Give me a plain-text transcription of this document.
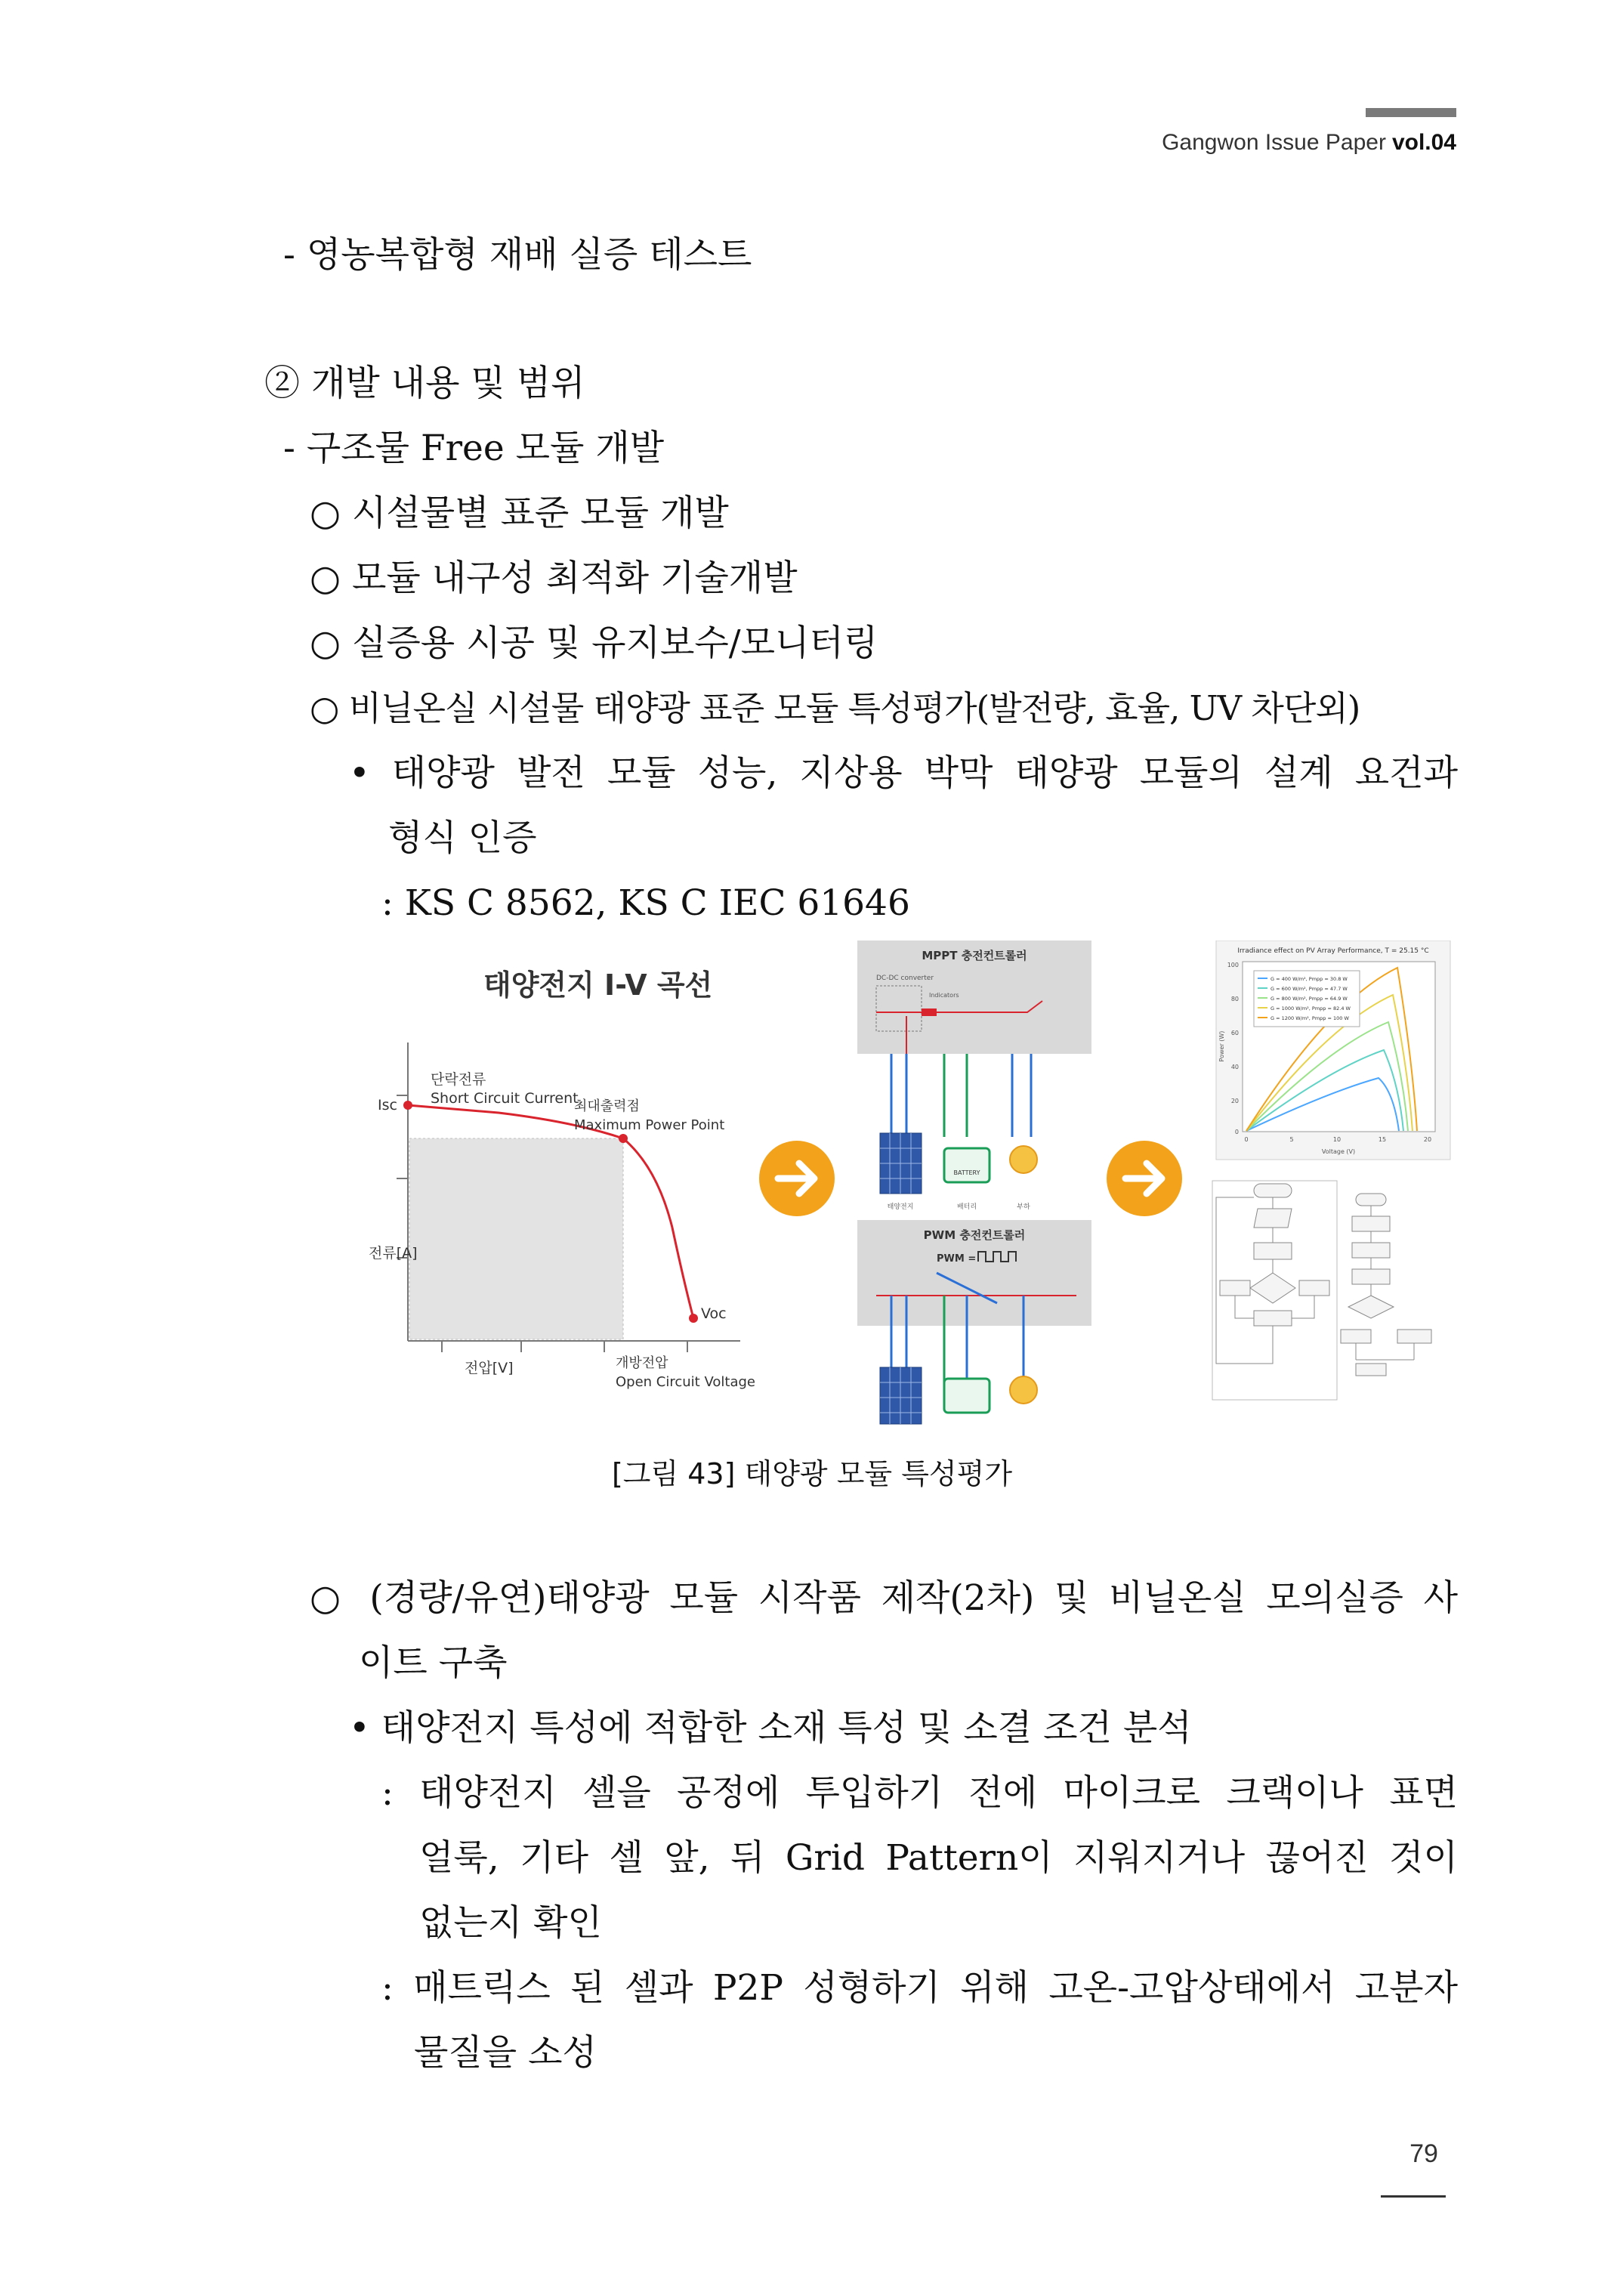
Gangwon Issue Paper vol.04
- 영농복합형 재배 실증 테스트
② 개발 내용 및 범위
- 구조물 Free 모듈 개발
○ 시설물별 표준 모듈 개발
○ 모듈 내구성 최적화 기술개발
○ 실증용 시공 및 유지보수/모니터링
○ 비닐온실 시설물 태양광 표준 모듈 특성평가(발전량, 효율, UV 차단외)
• 태양광 발전 모듈 성능, 지상용 박막 태양광 모듈의 설계 요건과
형식 인증
: KS C 8562, KS C IEC 61646
태양전지 I-V 곡선
Isc
단락전류
Short Circuit Current
최대출력점
Maximum Power Point
전류[A]
Voc
전압[V]	개방전압
Open Circuit Voltage
MPPT 충전컨트롤러
DC-DC converter
Indicators
BATTERY
태양전지	배터리	부하
PWM 충전컨트롤러
PWM =
Irradiance effect on PV Array Performance, T = 25.15 °C
100
80
60
40
20
0
0	5	10	15	20
Voltage (V)
Power (W)
G = 400 W/m², Pmpp = 30.8 W
G = 600 W/m², Pmpp = 47.7 W
G = 800 W/m², Pmpp = 64.9 W
G = 1000 W/m², Pmpp = 82.4 W
G = 1200 W/m², Pmpp = 100 W
[그림 43] 태양광 모듈 특성평가
○ (경량/유연)태양광 모듈 시작품 제작(2차) 및 비닐온실 모의실증 사
이트 구축
• 태양전지 특성에 적합한 소재 특성 및 소결 조건 분석
: 태양전지 셀을 공정에 투입하기 전에 마이크로 크랙이나 표면
얼룩, 기타 셀 앞, 뒤 Grid Pattern이 지워지거나 끊어진 것이
없는지 확인
: 매트릭스 된 셀과 P2P 성형하기 위해 고온-고압상태에서 고분자
물질을 소성
79
